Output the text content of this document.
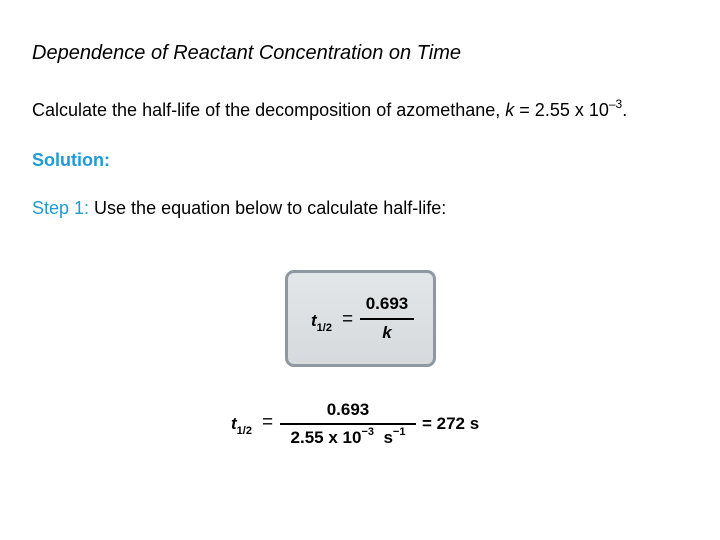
Dependence of Reactant Concentration on Time
Calculate the half-life of the decomposition of azomethane, k = 2.55 x $10^{-3}$.
Solution:
Step 1: Use the equation below to calculate half-life:
$t_{1/2}$ =
0.693
k
$t_{1/2}$ =
0.693
2.55 x $10^{-3}$ $s^{-1} = 272$ s
